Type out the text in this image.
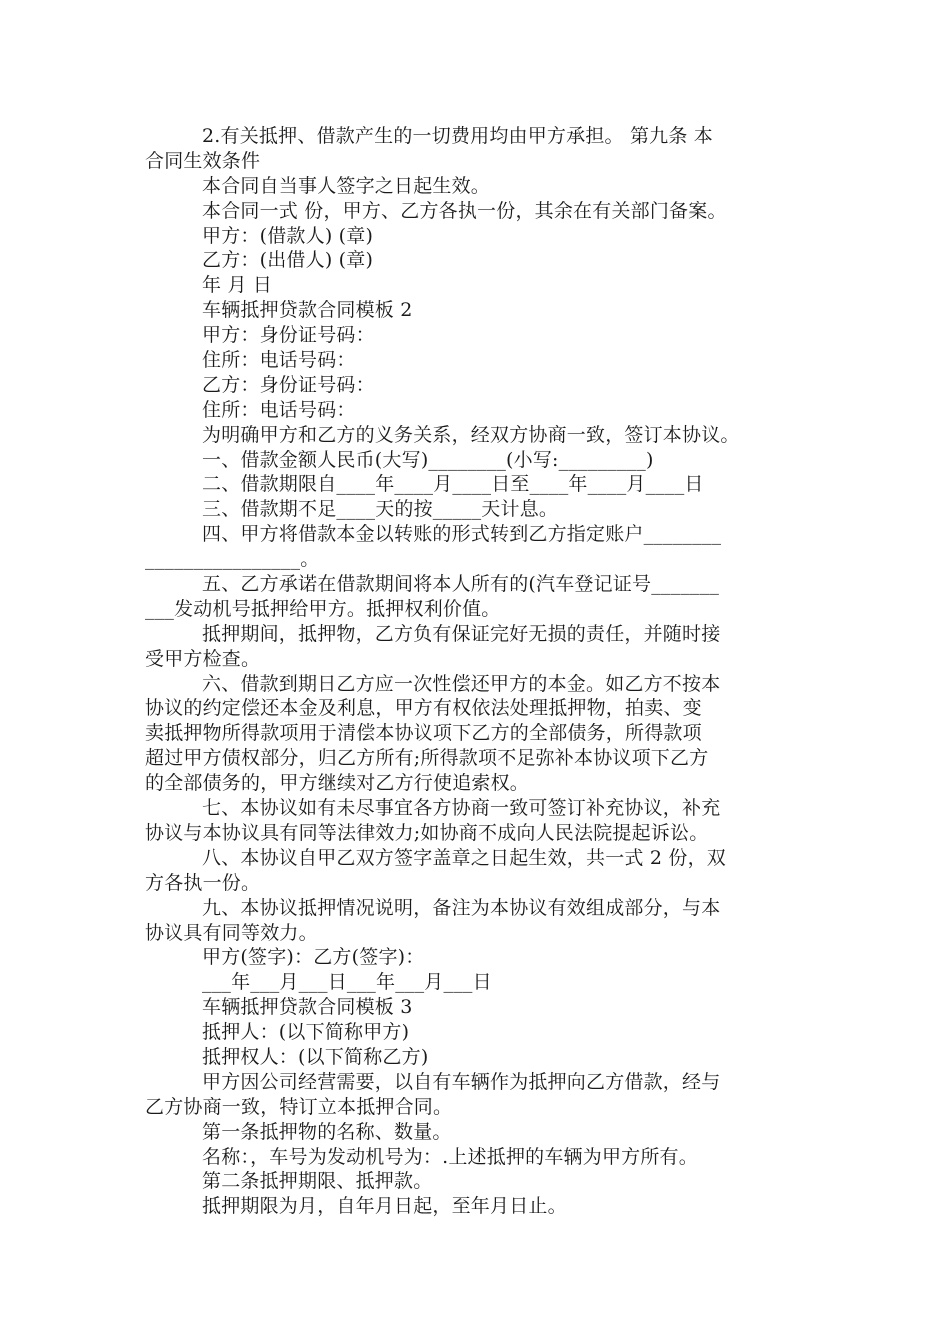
2.有关抵押、借款产生的一切费用均由甲方承担。 第九条 本
合同生效条件
本合同自当事人签字之日起生效。
本合同一式 份，甲方、乙方各执一份，其余在有关部门备案。
甲方：(借款人) (章)
乙方：(出借人) (章)
年 月 日
车辆抵押贷款合同模板 2
甲方：身份证号码：
住所：电话号码：
乙方：身份证号码：
住所：电话号码：
为明确甲方和乙方的义务关系，经双方协商一致，签订本协议。
一、借款金额人民币(大写)________(小写:_________)
二、借款期限自____年____月____日至____年____月____日
三、借款期不足____天的按_____天计息。
四、甲方将借款本金以转账的形式转到乙方指定账户________
________________。
五、乙方承诺在借款期间将本人所有的(汽车登记证号_______
___发动机号抵押给甲方。抵押权利价值。
抵押期间，抵押物，乙方负有保证完好无损的责任，并随时接
受甲方检查。
六、借款到期日乙方应一次性偿还甲方的本金。如乙方不按本
协议的约定偿还本金及利息，甲方有权依法处理抵押物，拍卖、变
卖抵押物所得款项用于清偿本协议项下乙方的全部债务，所得款项
超过甲方债权部分，归乙方所有;所得款项不足弥补本协议项下乙方
的全部债务的，甲方继续对乙方行使追索权。
七、本协议如有未尽事宜各方协商一致可签订补充协议，补充
协议与本协议具有同等法律效力;如协商不成向人民法院提起诉讼。
八、本协议自甲乙双方签字盖章之日起生效，共一式 2 份，双
方各执一份。
九、本协议抵押情况说明，备注为本协议有效组成部分，与本
协议具有同等效力。
甲方(签字)：乙方(签字)：
___年___月___日___年___月___日
车辆抵押贷款合同模板 3
抵押人：(以下简称甲方)
抵押权人：(以下简称乙方)
甲方因公司经营需要，以自有车辆作为抵押向乙方借款，经与
乙方协商一致，特订立本抵押合同。
第一条抵押物的名称、数量。
名称：，车号为发动机号为：.上述抵押的车辆为甲方所有。
第二条抵押期限、抵押款。
抵押期限为月，自年月日起，至年月日止。
